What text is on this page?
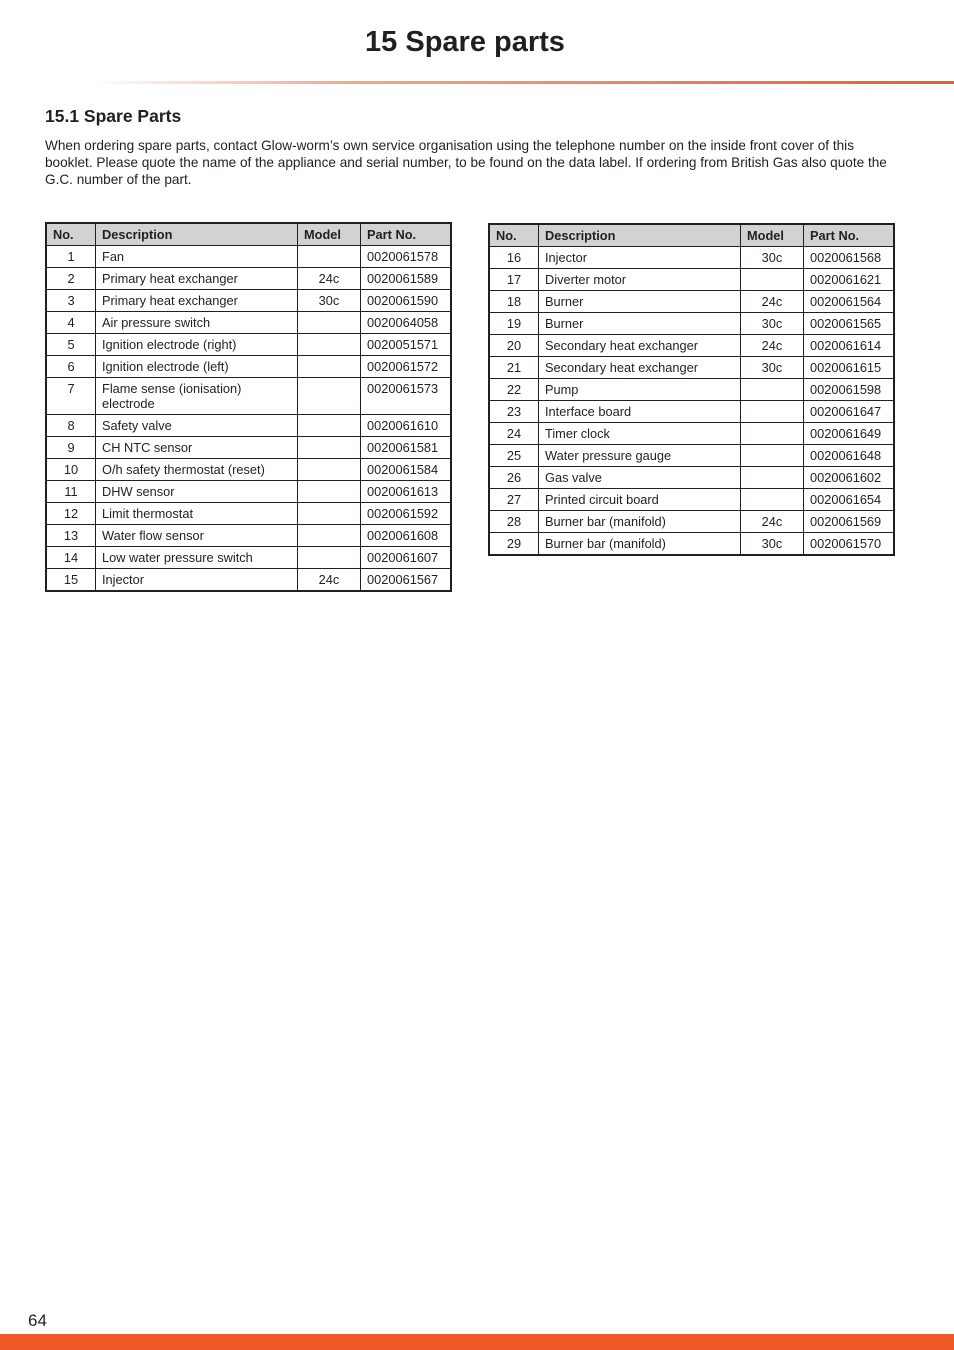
15 Spare parts
15.1 Spare Parts

When ordering spare parts, contact Glow-worm’s own service organisation using the telephone number on the inside front cover of this booklet. Please quote the name of the appliance and serial number, to be found on the data label. If ordering from British Gas also quote the G.C. number of the part.

No.	Description	Model	Part No.
1	Fan		0020061578
2	Primary heat exchanger	24c	0020061589
3	Primary heat exchanger	30c	0020061590
4	Air pressure switch		0020064058
5	Ignition electrode (right)		0020051571
6	Ignition electrode (left)		0020061572
7	Flame sense (ionisation) electrode		0020061573
8	Safety valve		0020061610
9	CH NTC sensor		0020061581
10	O/h safety thermostat (reset)		0020061584
11	DHW sensor		0020061613
12	Limit thermostat		0020061592
13	Water flow sensor		0020061608
14	Low water pressure switch		0020061607
15	Injector	24c	0020061567
No.	Description	Model	Part No.
16	Injector	30c	0020061568
17	Diverter motor		0020061621
18	Burner	24c	0020061564
19	Burner	30c	0020061565
20	Secondary heat exchanger	24c	0020061614
21	Secondary heat exchanger	30c	0020061615
22	Pump		0020061598
23	Interface board		0020061647
24	Timer clock		0020061649
25	Water pressure gauge		0020061648
26	Gas valve		0020061602
27	Printed circuit board		0020061654
28	Burner bar (manifold)	24c	0020061569
29	Burner bar (manifold)	30c	0020061570
64
